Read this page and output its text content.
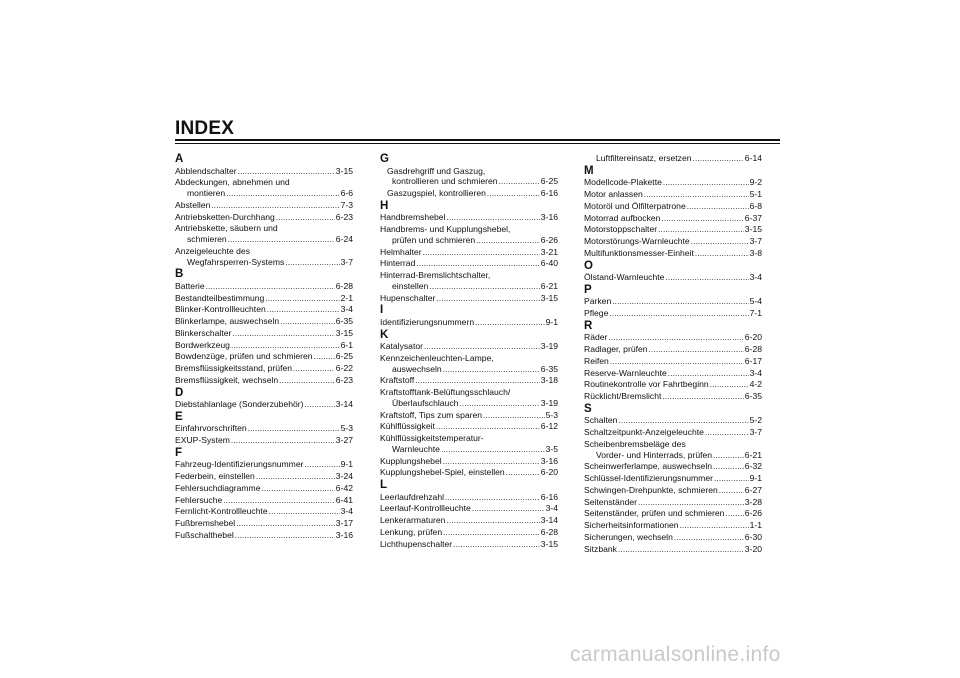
INDEX
A
Abblendschalter .....	3-15
Abdeckungen, abnehmen und
montieren .....	6-6
Abstellen .....	7-3
Antriebsketten-Durchhang .....	6-23
Antriebskette, säubern und
schmieren .....	6-24
Anzeigeleuchte des
Wegfahrsperren-Systems .....	3-7
B
Batterie .....	6-28
Bestandteilbestimmung .....	2-1
Blinker-Kontrollleuchten .....	3-4
Blinkerlampe, auswechseln .....	6-35
Blinkerschalter .....	3-15
Bordwerkzeug .....	6-1
Bowdenzüge, prüfen und schmieren .....	6-25
Bremsflüssigkeitsstand, prüfen .....	6-22
Bremsflüssigkeit, wechseln .....	6-23
D
Diebstahlanlage (Sonderzubehör) .....	3-14
E
Einfahrvorschriften .....	5-3
EXUP-System .....	3-27
F
Fahrzeug-Identifizierungsnummer .....	9-1
Federbein, einstellen .....	3-24
Fehlersuchdiagramme .....	6-42
Fehlersuche .....	6-41
Fernlicht-Kontrollleuchte .....	3-4
Fußbremshebel .....	3-17
Fußschalthebel .....	3-16
G
Gasdrehgriff und Gaszug,
kontrollieren und schmieren .....	6-25
Gaszugspiel, kontrollieren .....	6-16
H
Handbremshebel .....	3-16
Handbrems- und Kupplungshebel,
prüfen und schmieren .....	6-26
Helmhalter .....	3-21
Hinterrad .....	6-40
Hinterrad-Bremslichtschalter,
einstellen .....	6-21
Hupenschalter .....	3-15
I
Identifizierungsnummern .....	9-1
K
Katalysator .....	3-19
Kennzeichenleuchten-Lampe,
auswechseln .....	6-35
Kraftstoff .....	3-18
Kraftstofftank-Belüftungsschlauch/
Überlaufschlauch .....	3-19
Kraftstoff, Tips zum sparen .....	5-3
Kühlflüssigkeit .....	6-12
Kühlflüssigkeitstemperatur-
Warnleuchte .....	3-5
Kupplungshebel .....	3-16
Kupplungshebel-Spiel, einstellen .....	6-20
L
Leerlaufdrehzahl .....	6-16
Leerlauf-Kontrollleuchte .....	3-4
Lenkerarmaturen .....	3-14
Lenkung, prüfen .....	6-28
Lichthupenschalter .....	3-15
Luftfiltereinsatz, ersetzen .....	6-14
M
Modellcode-Plakette .....	9-2
Motor anlassen .....	5-1
Motoröl und Ölfilterpatrone .....	6-8
Motorrad aufbocken .....	6-37
Motorstoppschalter .....	3-15
Motorstörungs-Warnleuchte .....	3-7
Multifunktionsmesser-Einheit .....	3-8
O
Ölstand-Warnleuchte .....	3-4
P
Parken .....	5-4
Pflege .....	7-1
R
Räder .....	6-20
Radlager, prüfen .....	6-28
Reifen .....	6-17
Reserve-Warnleuchte .....	3-4
Routinekontrolle vor Fahrtbeginn .....	4-2
Rücklicht/Bremslicht .....	6-35
S
Schalten .....	5-2
Schaltzeitpunkt-Anzeigeleuchte .....	3-7
Scheibenbremsbeläge des
Vorder- und Hinterrads, prüfen .....	6-21
Scheinwerferlampe, auswechseln .....	6-32
Schlüssel-Identifizierungsnummer .....	9-1
Schwingen-Drehpunkte, schmieren .....	6-27
Seitenständer .....	3-28
Seitenständer, prüfen und schmieren ..... 6-26
Sicherheitsinformationen .....	1-1
Sicherungen, wechseln .....	6-30
Sitzbank .....	3-20
carmanualsonline.info
